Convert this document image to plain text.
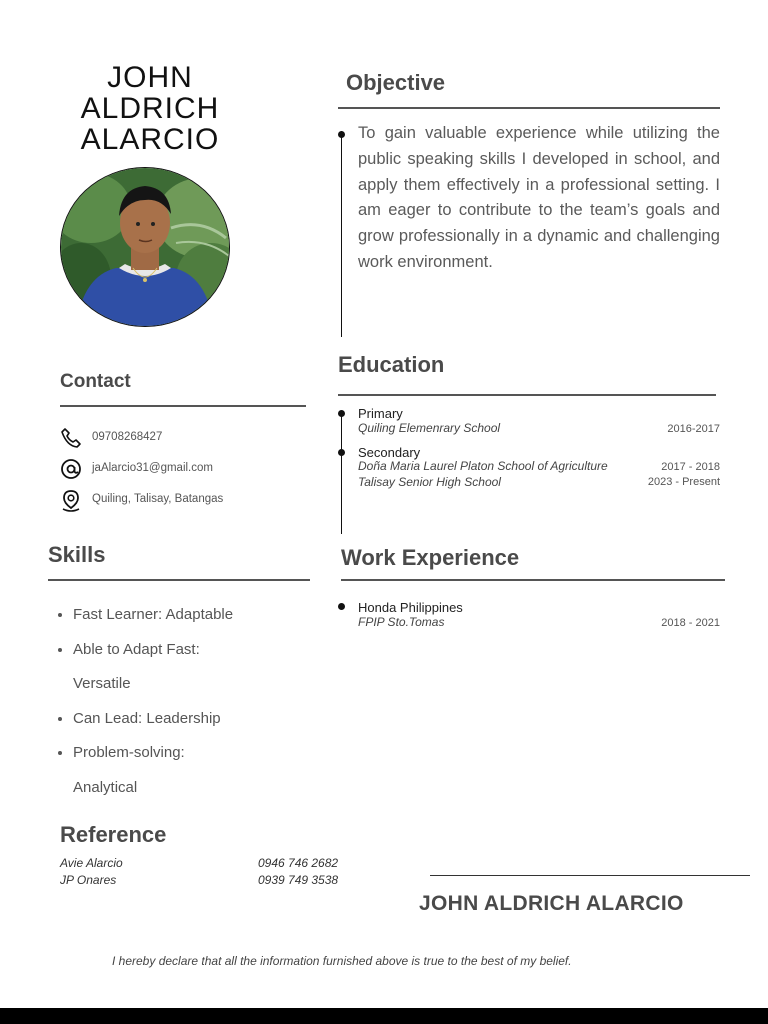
JOHN
ALDRICH
ALARCIO
Objective
To gain valuable experience while utilizing the public speaking skills I developed in school, and apply them effectively in a professional setting. I am eager to contribute to the team’s goals and grow professionally in a dynamic and challenging work environment.
Contact
09708268427
jaAlarcio31@gmail.com
Quiling, Talisay, Batangas
Education
Primary
Quiling Elemenrary School	2016-2017
Secondary
Doña Maria Laurel Platon School of Agriculture	2017 - 2018
Talisay Senior High School	2023 - Present
Skills
Fast Learner: Adaptable
Able to Adapt Fast: Versatile
Can Lead: Leadership
Problem-solving: Analytical
Work Experience
Honda Philippines
FPIP Sto.Tomas	2018 - 2021
Reference
Avie Alarcio	0946 746 2682
JP Onares	0939 749 3538
JOHN ALDRICH ALARCIO
I hereby declare that all the information furnished above is true to the best of my belief.
